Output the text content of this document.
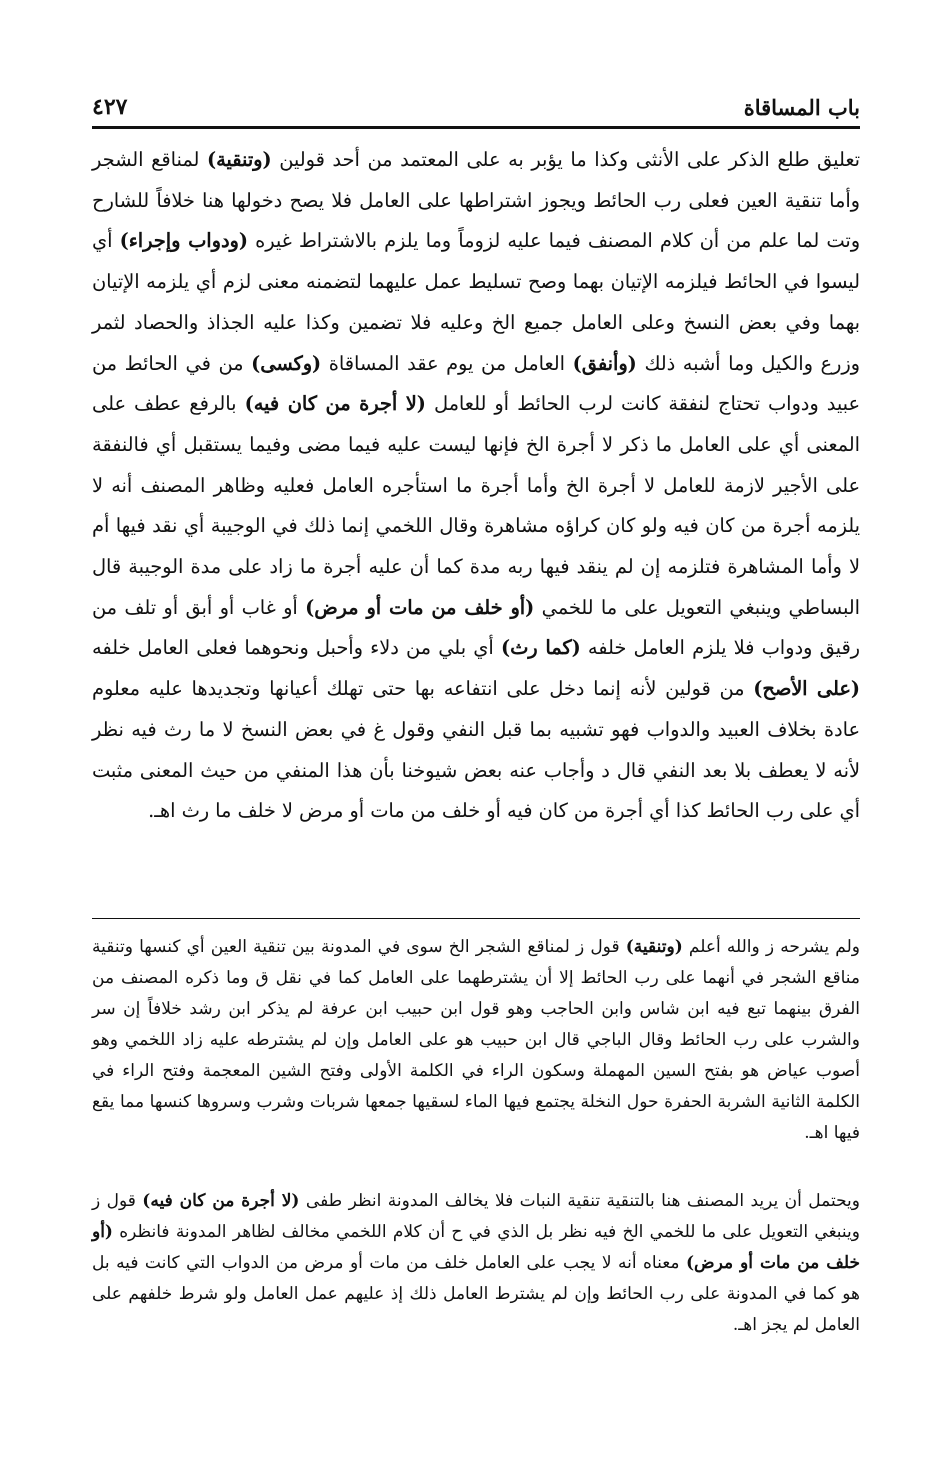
باب المساقاة
٤٢٧

تعليق طلع الذكر على الأنثى وكذا ما يؤبر به على المعتمد من أحد قولين (وتنقية) لمناقع الشجر وأما تنقية العين فعلى رب الحائط ويجوز اشتراطها على العامل فلا يصح دخولها هنا خلافاً للشارح وتت لما علم من أن كلام المصنف فيما عليه لزوماً وما يلزم بالاشتراط غيره (ودواب وإجراء) أي ليسوا في الحائط فيلزمه الإتيان بهما وصح تسليط عمل عليهما لتضمنه معنى لزم أي يلزمه الإتيان بهما وفي بعض النسخ وعلى العامل جميع الخ وعليه فلا تضمين وكذا عليه الجذاذ والحصاد لثمر وزرع والكيل وما أشبه ذلك (وأنفق) العامل من يوم عقد المساقاة (وكسى) من في الحائط من عبيد ودواب تحتاج لنفقة كانت لرب الحائط أو للعامل (لا أجرة من كان فيه) بالرفع عطف على المعنى أي على العامل ما ذكر لا أجرة الخ فإنها ليست عليه فيما مضى وفيما يستقبل أي فالنفقة على الأجير لازمة للعامل لا أجرة الخ وأما أجرة ما استأجره العامل فعليه وظاهر المصنف أنه لا يلزمه أجرة من كان فيه ولو كان كراؤه مشاهرة وقال اللخمي إنما ذلك في الوجيبة أي نقد فيها أم لا وأما المشاهرة فتلزمه إن لم ينقد فيها ربه مدة كما أن عليه أجرة ما زاد على مدة الوجيبة قال البساطي وينبغي التعويل على ما للخمي (أو خلف من مات أو مرض) أو غاب أو أبق أو تلف من رقيق ودواب فلا يلزم العامل خلفه (كما رث) أي بلي من دلاء وأحبل ونحوهما فعلى العامل خلفه (على الأصح) من قولين لأنه إنما دخل على انتفاعه بها حتى تهلك أعيانها وتجديدها عليه معلوم عادة بخلاف العبيد والدواب فهو تشبيه بما قبل النفي وقول غ في بعض النسخ لا ما رث فيه نظر لأنه لا يعطف بلا بعد النفي قال د وأجاب عنه بعض شيوخنا بأن هذا المنفي من حيث المعنى مثبت أي على رب الحائط كذا أي أجرة من كان فيه أو خلف من مات أو مرض لا خلف ما رث اهـ.

ولم يشرحه ز والله أعلم (وتنقية) قول ز لمناقع الشجر الخ سوى في المدونة بين تنقية العين أي كنسها وتنقية مناقع الشجر في أنهما على رب الحائط إلا أن يشترطهما على العامل كما في نقل ق وما ذكره المصنف من الفرق بينهما تبع فيه ابن شاس وابن الحاجب وهو قول ابن حبيب ابن عرفة لم يذكر ابن رشد خلافاً إن سر والشرب على رب الحائط وقال الباجي قال ابن حبيب هو على العامل وإن لم يشترطه عليه زاد اللخمي وهو أصوب عياض هو بفتح السين المهملة وسكون الراء في الكلمة الأولى وفتح الشين المعجمة وفتح الراء في الكلمة الثانية الشربة الحفرة حول النخلة يجتمع فيها الماء لسقيها جمعها شربات وشرب وسروها كنسها مما يقع فيها اهـ.

ويحتمل أن يريد المصنف هنا بالتنقية تنقية النبات فلا يخالف المدونة انظر طفى (لا أجرة من كان فيه) قول ز وينبغي التعويل على ما للخمي الخ فيه نظر بل الذي في ح أن كلام اللخمي مخالف لظاهر المدونة فانظره (أو خلف من مات أو مرض) معناه أنه لا يجب على العامل خلف من مات أو مرض من الدواب التي كانت فيه بل هو كما في المدونة على رب الحائط وإن لم يشترط العامل ذلك إذ عليهم عمل العامل ولو شرط خلفهم على العامل لم يجز اهـ.
